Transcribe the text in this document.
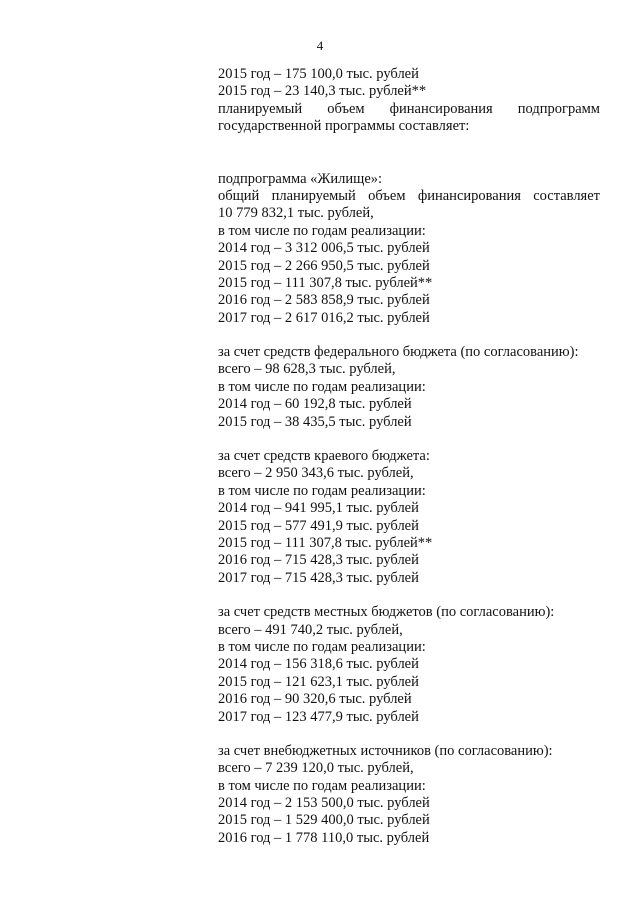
4
2015 год – 175 100,0 тыс. рублей
2015 год – 23 140,3 тыс. рублей**
планируемый объем финансирования подпрограмм
государственной программы составляет:
подпрограмма «Жилище»:
общий планируемый объем финансирования составляет
10 779 832,1 тыс. рублей,
в том числе по годам реализации:
2014 год – 3 312 006,5 тыс. рублей
2015 год – 2 266 950,5 тыс. рублей
2015 год – 111 307,8 тыс. рублей**
2016 год – 2 583 858,9 тыс. рублей
2017 год – 2 617 016,2 тыс. рублей
за счет средств федерального бюджета (по согласованию):
всего – 98 628,3 тыс. рублей,
в том числе по годам реализации:
2014 год – 60 192,8 тыс. рублей
2015 год – 38 435,5 тыс. рублей
за счет средств краевого бюджета:
всего – 2 950 343,6 тыс. рублей,
в том числе по годам реализации:
2014 год – 941 995,1 тыс. рублей
2015 год – 577 491,9 тыс. рублей
2015 год – 111 307,8 тыс. рублей**
2016 год – 715 428,3 тыс. рублей
2017 год – 715 428,3 тыс. рублей
за счет средств местных бюджетов (по согласованию):
всего – 491 740,2 тыс. рублей,
в том числе по годам реализации:
2014 год – 156 318,6 тыс. рублей
2015 год – 121 623,1 тыс. рублей
2016 год – 90 320,6 тыс. рублей
2017 год – 123 477,9 тыс. рублей
за счет внебюджетных источников (по согласованию):
всего – 7 239 120,0 тыс. рублей,
в том числе по годам реализации:
2014 год – 2 153 500,0 тыс. рублей
2015 год – 1 529 400,0 тыс. рублей
2016 год – 1 778 110,0 тыс. рублей
